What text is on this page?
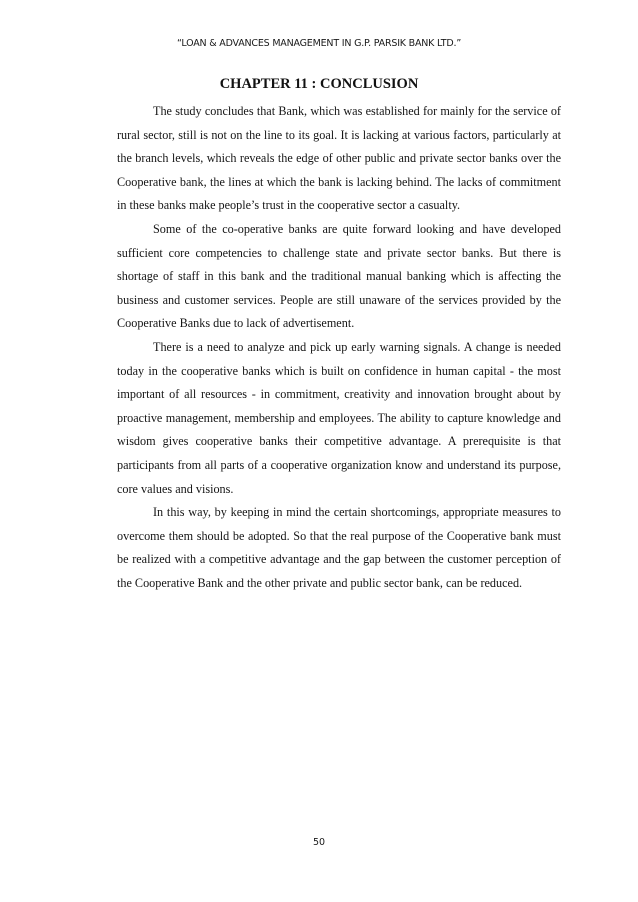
“LOAN & ADVANCES MANAGEMENT IN G.P. PARSIK BANK LTD.”
CHAPTER 11 : CONCLUSION

The study concludes that Bank, which was established for mainly for the service of rural sector, still is not on the line to its goal. It is lacking at various factors, particularly at the branch levels, which reveals the edge of other public and private sector banks over the Cooperative bank, the lines at which the bank is lacking behind. The lacks of commitment in these banks make people’s trust in the cooperative sector a casualty.

Some of the co-operative banks are quite forward looking and have developed sufficient core competencies to challenge state and private sector banks. But there is shortage of staff in this bank and the traditional manual banking which is affecting the business and customer services. People are still unaware of the services provided by the Cooperative Banks due to lack of advertisement.

There is a need to analyze and pick up early warning signals. A change is needed today in the cooperative banks which is built on confidence in human capital - the most important of all resources - in commitment, creativity and innovation brought about by proactive management, membership and employees. The ability to capture knowledge and wisdom gives cooperative banks their competitive advantage. A prerequisite is that participants from all parts of a cooperative organization know and understand its purpose, core values and visions.

In this way, by keeping in mind the certain shortcomings, appropriate measures to overcome them should be adopted. So that the real purpose of the Cooperative bank must be realized with a competitive advantage and the gap between the customer perception of the Cooperative Bank and the other private and public sector bank, can be reduced.

50
